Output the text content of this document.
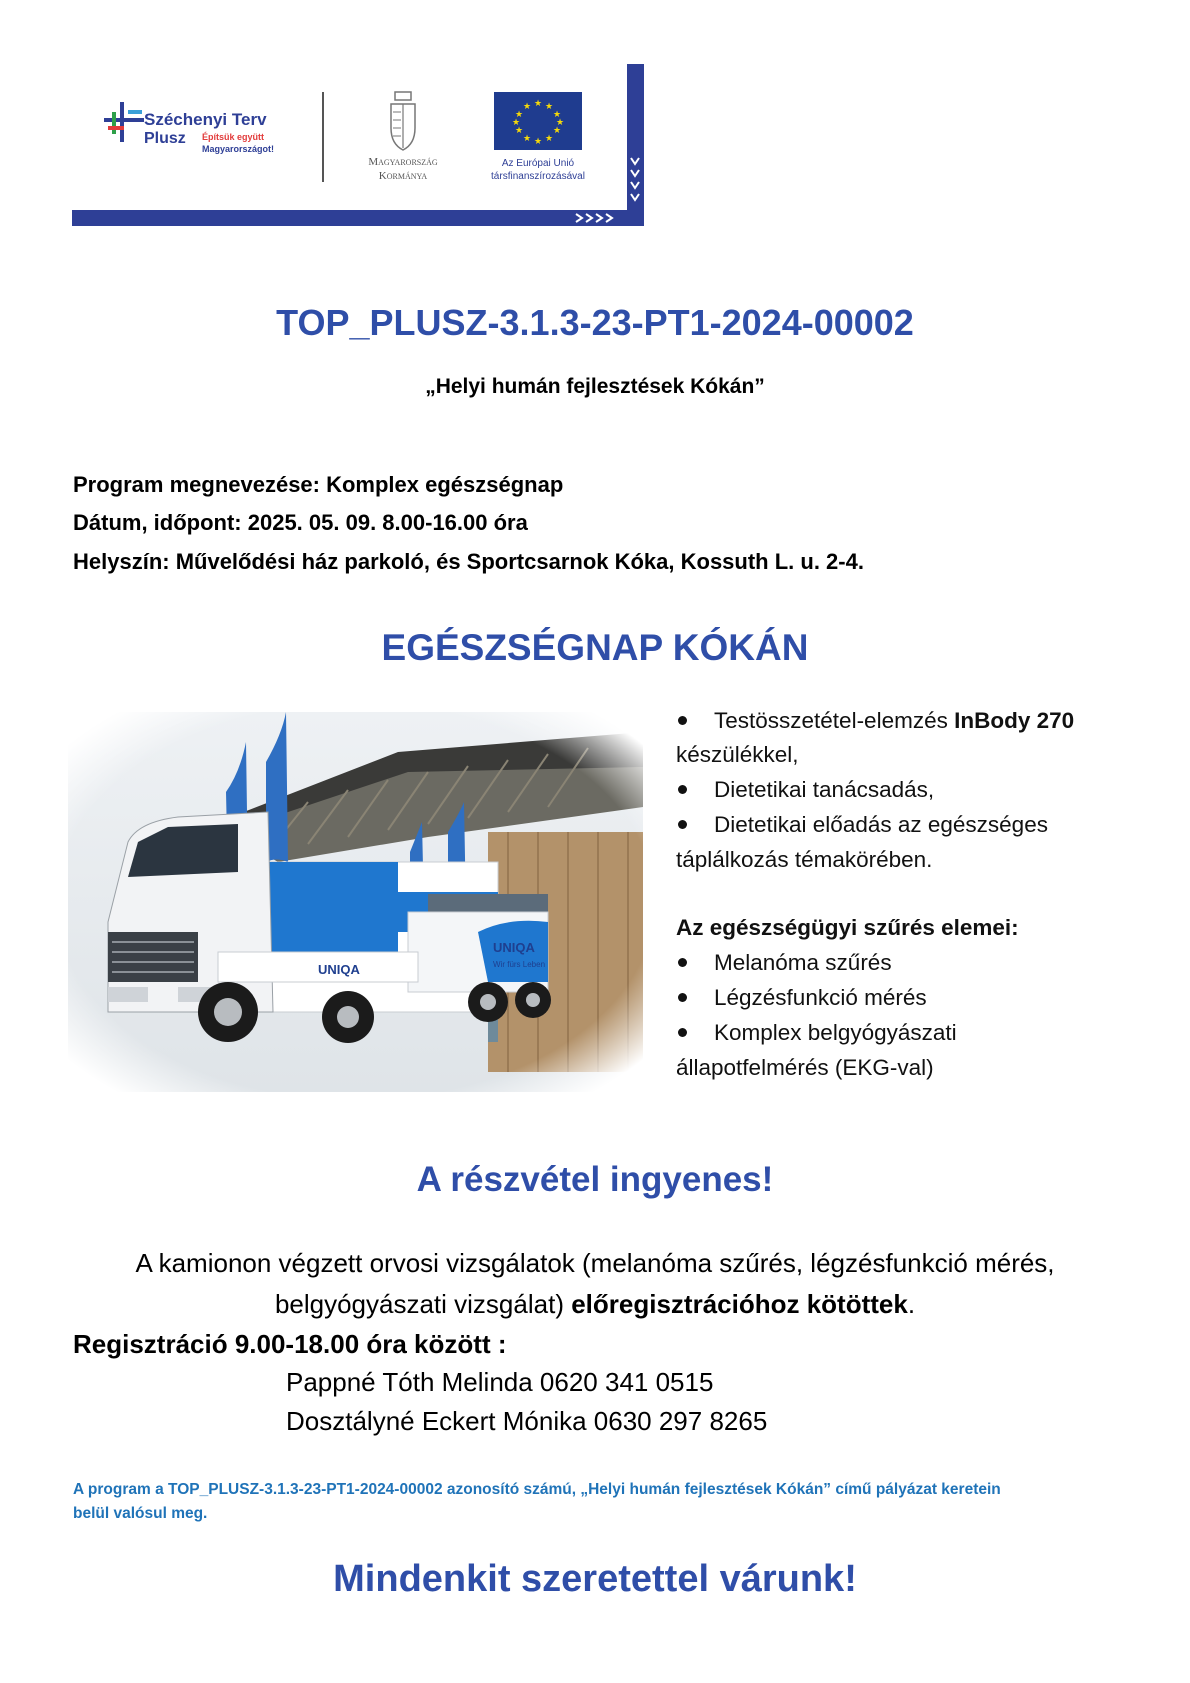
Széchenyi Terv
Plusz Építsük együtt
Magyarországot!
Magyarország
Kormánya
★ ★
★
★
★
★
★
★
★
★
★
★
Az Európai Unió
társfinanszírozásával
TOP_PLUSZ-3.1.3-23-PT1-2024-00002
„Helyi humán fejlesztések Kókán”
Program megnevezése: Komplex egészségnap
Dátum, időpont: 2025. 05. 09. 8.00-16.00 óra
Helyszín: Művelődési ház parkoló, és Sportcsarnok Kóka, Kossuth L. u. 2-4.
EGÉSZSÉGNAP KÓKÁN
Testösszetétel-elemzés InBody 270
készülékkel,
Dietetikai tanácsadás,
Dietetikai előadás az egészséges
táplálkozás témakörében.
Az egészségügyi szűrés elemei:
Melanóma szűrés
Légzésfunkció mérés
Komplex belgyógyászati
állapotfelmérés (EKG-val)
A részvétel ingyenes!
A kamionon végzett orvosi vizsgálatok (melanóma szűrés, légzésfunkció mérés,
belgyógyászati vizsgálat) előregisztrációhoz kötöttek.
Regisztráció 9.00-18.00 óra között :
Pappné Tóth Melinda 0620 341 0515
Dosztályné Eckert Mónika 0630 297 8265
A program a TOP_PLUSZ-3.1.3-23-PT1-2024-00002 azonosító számú, „Helyi humán fejlesztések Kókán” című pályázat keretein
belül valósul meg.
Mindenkit szeretettel várunk!
